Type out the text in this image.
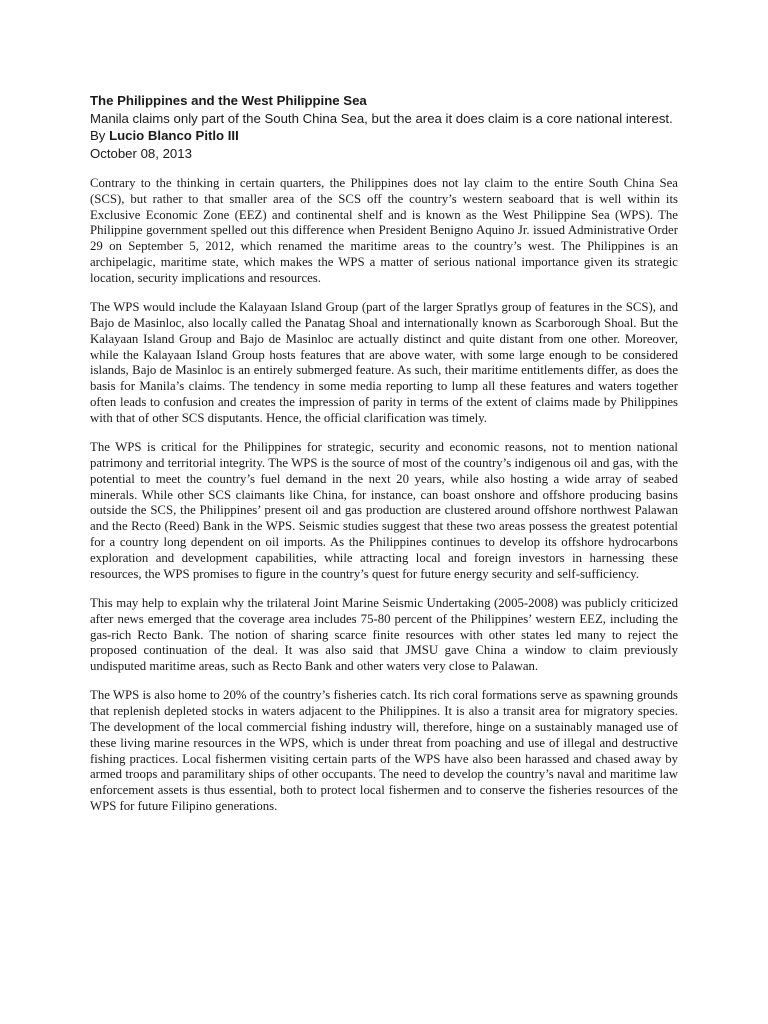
The Philippines and the West Philippine Sea

Manila claims only part of the South China Sea, but the area it does claim is a core national interest.

By Lucio Blanco Pitlo III

October 08, 2013

Contrary to the thinking in certain quarters, the Philippines does not lay claim to the entire South China Sea (SCS), but rather to that smaller area of the SCS off the country’s western seaboard that is well within its Exclusive Economic Zone (EEZ) and continental shelf and is known as the West Philippine Sea (WPS). The Philippine government spelled out this difference when President Benigno Aquino Jr. issued Administrative Order 29 on September 5, 2012, which renamed the maritime areas to the country’s west. The Philippines is an archipelagic, maritime state, which makes the WPS a matter of serious national importance given its strategic location, security implications and resources.

The WPS would include the Kalayaan Island Group (part of the larger Spratlys group of features in the SCS), and Bajo de Masinloc, also locally called the Panatag Shoal and internationally known as Scarborough Shoal. But the Kalayaan Island Group and Bajo de Masinloc are actually distinct and quite distant from one other. Moreover, while the Kalayaan Island Group hosts features that are above water, with some large enough to be considered islands, Bajo de Masinloc is an entirely submerged feature. As such, their maritime entitlements differ, as does the basis for Manila’s claims. The tendency in some media reporting to lump all these features and waters together often leads to confusion and creates the impression of parity in terms of the extent of claims made by Philippines with that of other SCS disputants. Hence, the official clarification was timely.

The WPS is critical for the Philippines for strategic, security and economic reasons, not to mention national patrimony and territorial integrity. The WPS is the source of most of the country’s indigenous oil and gas, with the potential to meet the country’s fuel demand in the next 20 years, while also hosting a wide array of seabed minerals. While other SCS claimants like China, for instance, can boast onshore and offshore producing basins outside the SCS, the Philippines’ present oil and gas production are clustered around offshore northwest Palawan and the Recto (Reed) Bank in the WPS. Seismic studies suggest that these two areas possess the greatest potential for a country long dependent on oil imports. As the Philippines continues to develop its offshore hydrocarbons exploration and development capabilities, while attracting local and foreign investors in harnessing these resources, the WPS promises to figure in the country’s quest for future energy security and self-sufficiency.

This may help to explain why the trilateral Joint Marine Seismic Undertaking (2005-2008) was publicly criticized after news emerged that the coverage area includes 75-80 percent of the Philippines’ western EEZ, including the gas-rich Recto Bank. The notion of sharing scarce finite resources with other states led many to reject the proposed continuation of the deal. It was also said that JMSU gave China a window to claim previously undisputed maritime areas, such as Recto Bank and other waters very close to Palawan.

The WPS is also home to 20% of the country’s fisheries catch. Its rich coral formations serve as spawning grounds that replenish depleted stocks in waters adjacent to the Philippines. It is also a transit area for migratory species. The development of the local commercial fishing industry will, therefore, hinge on a sustainably managed use of these living marine resources in the WPS, which is under threat from poaching and use of illegal and destructive fishing practices. Local fishermen visiting certain parts of the WPS have also been harassed and chased away by armed troops and paramilitary ships of other occupants. The need to develop the country’s naval and maritime law enforcement assets is thus essential, both to protect local fishermen and to conserve the fisheries resources of the WPS for future Filipino generations.
